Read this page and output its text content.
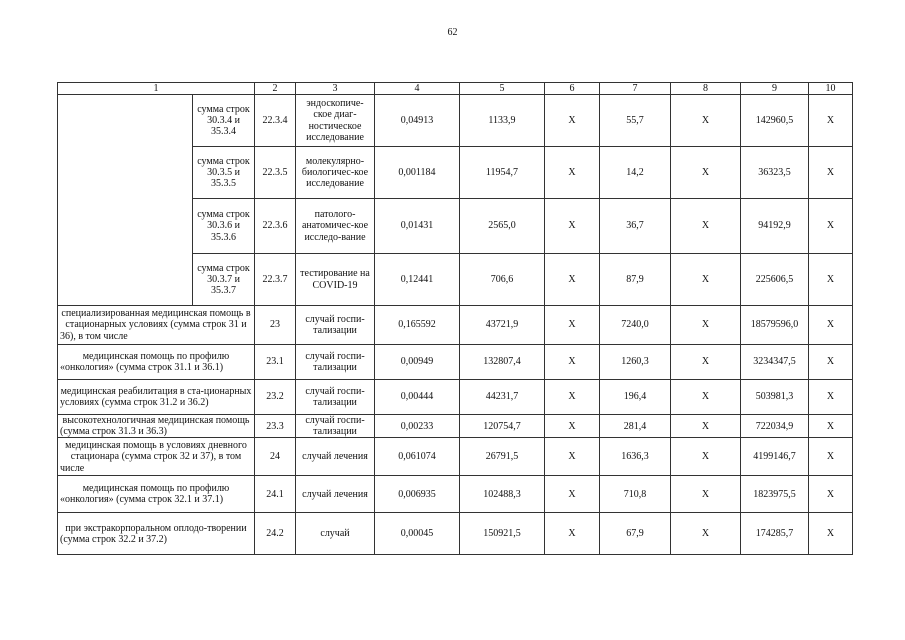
62
1		2	3	4	5	6	7	8	9	10
	сумма строк 30.3.4 и 35.3.4	22.3.4	эндоскопиче-ское диаг-ностическое исследование	0,04913	1133,9	Х	55,7	Х	142960,5	Х
	сумма строк 30.3.5 и 35.3.5	22.3.5	молекулярно-биологичес-кое исследование	0,001184	11954,7	Х	14,2	Х	36323,5	Х
	сумма строк 30.3.6 и 35.3.6	22.3.6	патолого-анатомичес-кое исследо-вание	0,01431	2565,0	Х	36,7	Х	94192,9	Х
	сумма строк 30.3.7 и 35.3.7	22.3.7	тестирование на COVID-19	0,12441	706,6	Х	87,9	Х	225606,5	Х
специализированная медицинская помощь в стационарных условиях (сумма строк 31 и 36), в том числе		23	случай госпи-тализации	0,165592	43721,9	Х	7240,0	Х	18579596,0	Х
медицинская помощь по профилю «онкология» (сумма строк 31.1 и 36.1)		23.1	случай госпи-тализации	0,00949	132807,4	Х	1260,3	Х	3234347,5	Х
медицинская реабилитация в ста-ционарных условиях (сумма строк 31.2 и 36.2)		23.2	случай госпи-тализации	0,00444	44231,7	Х	196,4	Х	503981,3	Х
высокотехнологичная медицинская помощь (сумма строк 31.3 и 36.3)		23.3	случай госпи-тализации	0,00233	120754,7	Х	281,4	Х	722034,9	Х
медицинская помощь в условиях дневного стационара (сумма строк 32 и 37), в том числе		24	случай лечения	0,061074	26791,5	Х	1636,3	Х	4199146,7	Х
медицинская помощь по профилю «онкология» (сумма строк 32.1 и 37.1)		24.1	случай лечения	0,006935	102488,3	Х	710,8	Х	1823975,5	Х
при экстракорпоральном оплодо-творении (сумма строк 32.2 и 37.2)		24.2	случай	0,00045	150921,5	Х	67,9	Х	174285,7	Х
